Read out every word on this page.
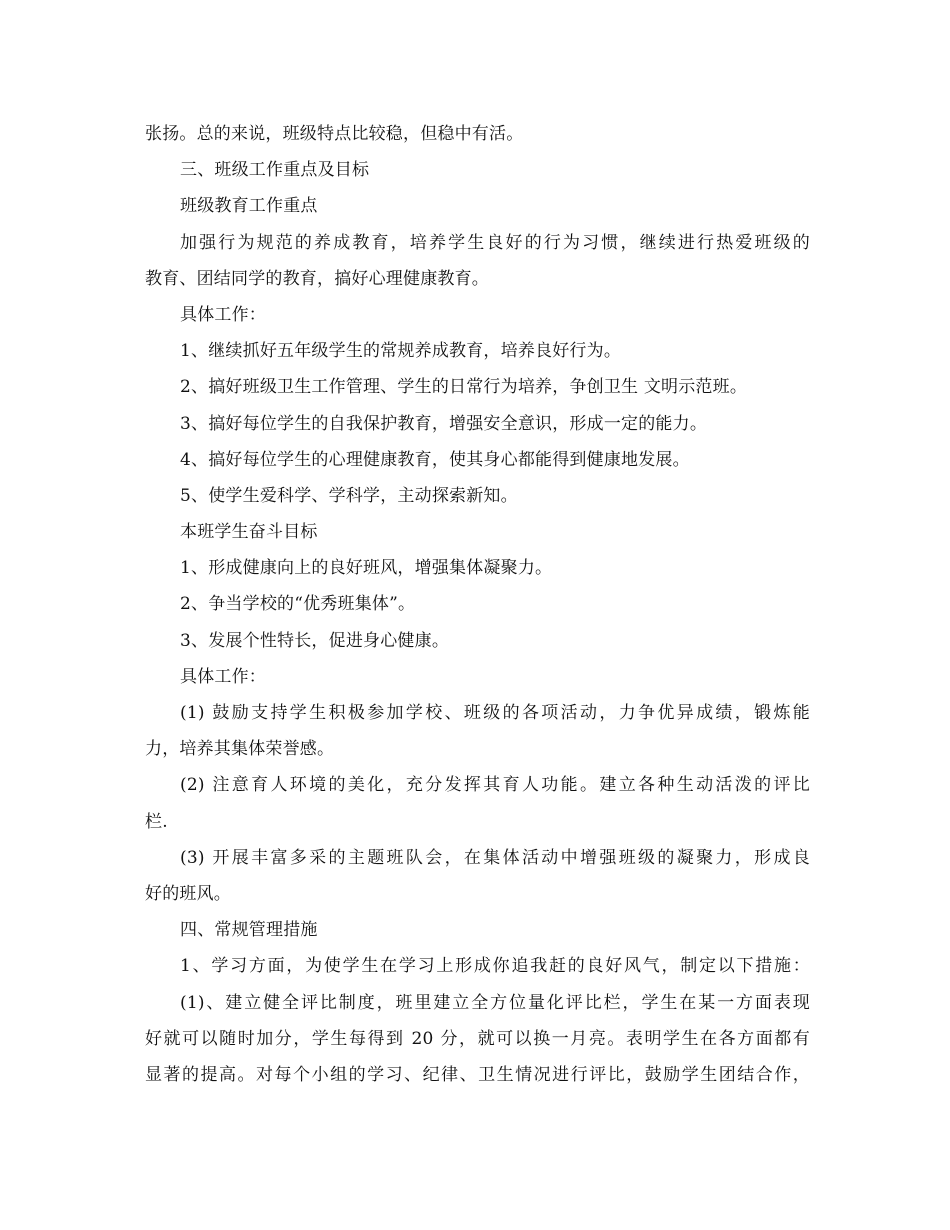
张扬。总的来说，班级特点比较稳，但稳中有活。
三、班级工作重点及目标
班级教育工作重点
加强行为规范的养成教育，培养学生良好的行为习惯，继续进行热爱班级的
教育、团结同学的教育，搞好心理健康教育。
具体工作：
1、继续抓好五年级学生的常规养成教育，培养良好行为。
2、搞好班级卫生工作管理、学生的日常行为培养，争创卫生 文明示范班。
3、搞好每位学生的自我保护教育，增强安全意识，形成一定的能力。
4、搞好每位学生的心理健康教育，使其身心都能得到健康地发展。
5、使学生爱科学、学科学，主动探索新知。
本班学生奋斗目标
1、形成健康向上的良好班风，增强集体凝聚力。
2、争当学校的“优秀班集体”。
3、发展个性特长，促进身心健康。
具体工作：
(1) 鼓励支持学生积极参加学校、班级的各项活动，力争优异成绩，锻炼能
力，培养其集体荣誉感。
(2) 注意育人环境的美化，充分发挥其育人功能。建立各种生动活泼的评比
栏.
(3) 开展丰富多采的主题班队会，在集体活动中增强班级的凝聚力，形成良
好的班风。
四、常规管理措施
1、学习方面，为使学生在学习上形成你追我赶的良好风气，制定以下措施：
(1)、建立健全评比制度，班里建立全方位量化评比栏，学生在某一方面表现
好就可以随时加分，学生每得到 20 分，就可以换一月亮。表明学生在各方面都有
显著的提高。对每个小组的学习、纪律、卫生情况进行评比，鼓励学生团结合作，
